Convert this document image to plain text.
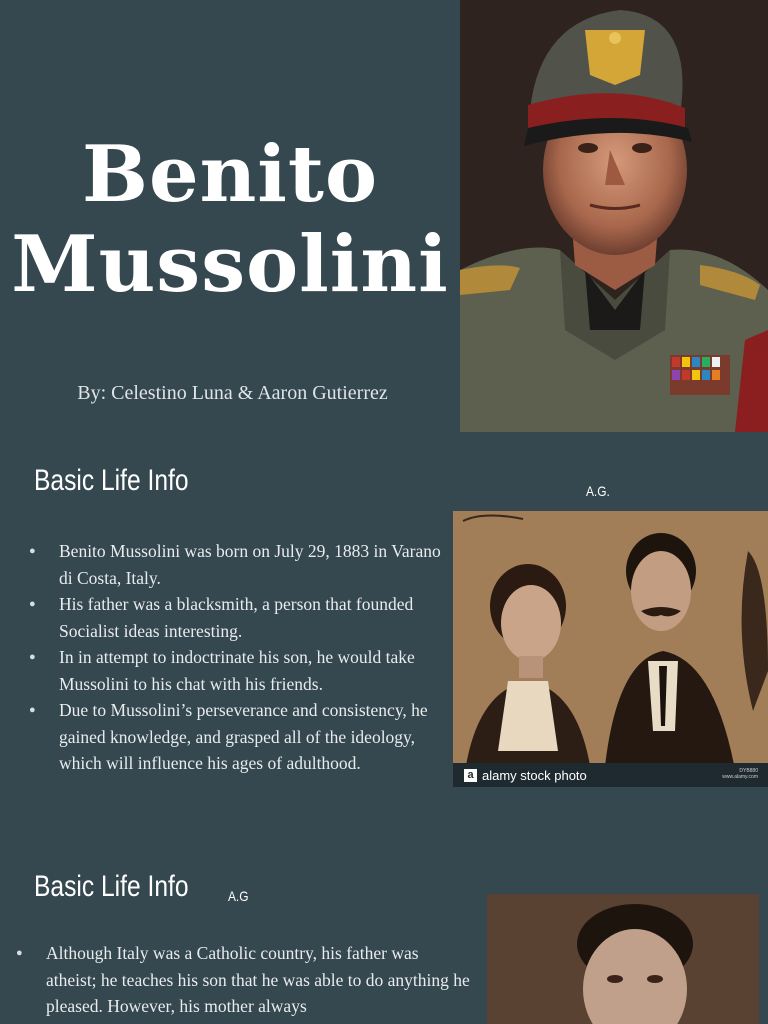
Benito
Mussolini
By: Celestino Luna & Aaron Gutierrez
Basic Life Info	A.G.
● Benito Mussolini was born on July 29, 1883 in Varano di Costa, Italy.
● His father was a blacksmith, a person that founded Socialist ideas interesting.
● In in attempt to indoctrinate his son, he would take Mussolini to his chat with his friends.
● Due to Mussolini’s perseverance and consistency, he gained knowledge, and grasped all of the ideology, which will influence his ages of adulthood.
a alamy stock photo	DYB880
www.alamy.com
Basic Life Info	A.G
● Although Italy was a Catholic country, his father was atheist; he teaches his son that he was able to do anything he pleased. However, his mother always
